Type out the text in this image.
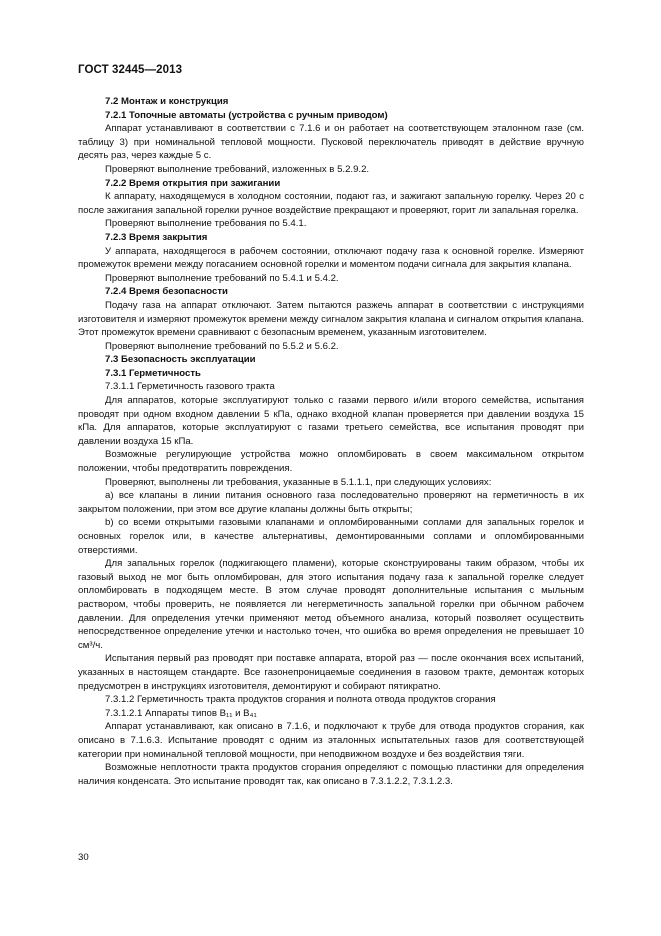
ГОСТ 32445—2013

7.2 Монтаж и конструкция

7.2.1 Топочные автоматы (устройства с ручным приводом)

Аппарат устанавливают в соответствии с 7.1.6 и он работает на соответствующем эталонном газе (см. таблицу 3) при номинальной тепловой мощности. Пусковой переключатель приводят в действие вручную десять раз, через каждые 5 с.

Проверяют выполнение требований, изложенных в 5.2.9.2.

7.2.2 Время открытия при зажигании

К аппарату, находящемуся в холодном состоянии, подают газ, и зажигают запальную горелку. Через 20 с после зажигания запальной горелки ручное воздействие прекращают и проверяют, горит ли запальная горелка.

Проверяют выполнение требования по 5.4.1.

7.2.3 Время закрытия

У аппарата, находящегося в рабочем состоянии, отключают подачу газа к основной горелке. Измеряют промежуток времени между погасанием основной горелки и моментом подачи сигнала для закрытия клапана.

Проверяют выполнение требований по 5.4.1 и 5.4.2.

7.2.4 Время безопасности

Подачу газа на аппарат отключают. Затем пытаются разжечь аппарат в соответствии с инструкциями изготовителя и измеряют промежуток времени между сигналом закрытия клапана и сигналом открытия клапана. Этот промежуток времени сравнивают с безопасным временем, указанным изготовителем.

Проверяют выполнение требований по 5.5.2 и 5.6.2.

7.3 Безопасность эксплуатации

7.3.1 Герметичность

7.3.1.1 Герметичность газового тракта

Для аппаратов, которые эксплуатируют только с газами первого и/или второго семейства, испытания проводят при одном входном давлении 5 кПа, однако входной клапан проверяется при давлении воздуха 15 кПа. Для аппаратов, которые эксплуатируют с газами третьего семейства, все испытания проводят при давлении воздуха 15 кПа.

Возможные регулирующие устройства можно опломбировать в своем максимальном открытом положении, чтобы предотвратить повреждения.

Проверяют, выполнены ли требования, указанные в 5.1.1.1, при следующих условиях:

а) все клапаны в линии питания основного газа последовательно проверяют на герметичность в их закрытом положении, при этом все другие клапаны должны быть открыты;

b) со всеми открытыми газовыми клапанами и опломбированными соплами для запальных горелок и основных горелок или, в качестве альтернативы, демонтированными соплами и опломбированными отверстиями.

Для запальных горелок (поджигающего пламени), которые сконструированы таким образом, чтобы их газовый выход не мог быть опломбирован, для этого испытания подачу газа к запальной горелке следует опломбировать в подходящем месте. В этом случае проводят дополнительные испытания с мыльным раствором, чтобы проверить, не появляется ли негерметичность запальной горелки при обычном рабочем давлении. Для определения утечки применяют метод объемного анализа, который позволяет осуществить непосредственное определение утечки и настолько точен, что ошибка во время определения не превышает 10 см³/ч.

Испытания первый раз проводят при поставке аппарата, второй раз — после окончания всех испытаний, указанных в настоящем стандарте. Все газонепроницаемые соединения в газовом тракте, демонтаж которых предусмотрен в инструкциях изготовителя, демонтируют и собирают пятикратно.

7.3.1.2 Герметичность тракта продуктов сгорания и полнота отвода продуктов сгорания

7.3.1.2.1 Аппараты типов B₁₁ и B₄₁

Аппарат устанавливают, как описано в 7.1.6, и подключают к трубе для отвода продуктов сгорания, как описано в 7.1.6.3. Испытание проводят с одним из эталонных испытательных газов для соответствующей категории при номинальной тепловой мощности, при неподвижном воздухе и без воздействия тяги.

Возможные неплотности тракта продуктов сгорания определяют с помощью пластинки для определения наличия конденсата. Это испытание проводят так, как описано в 7.3.1.2.2, 7.3.1.2.3.

30
